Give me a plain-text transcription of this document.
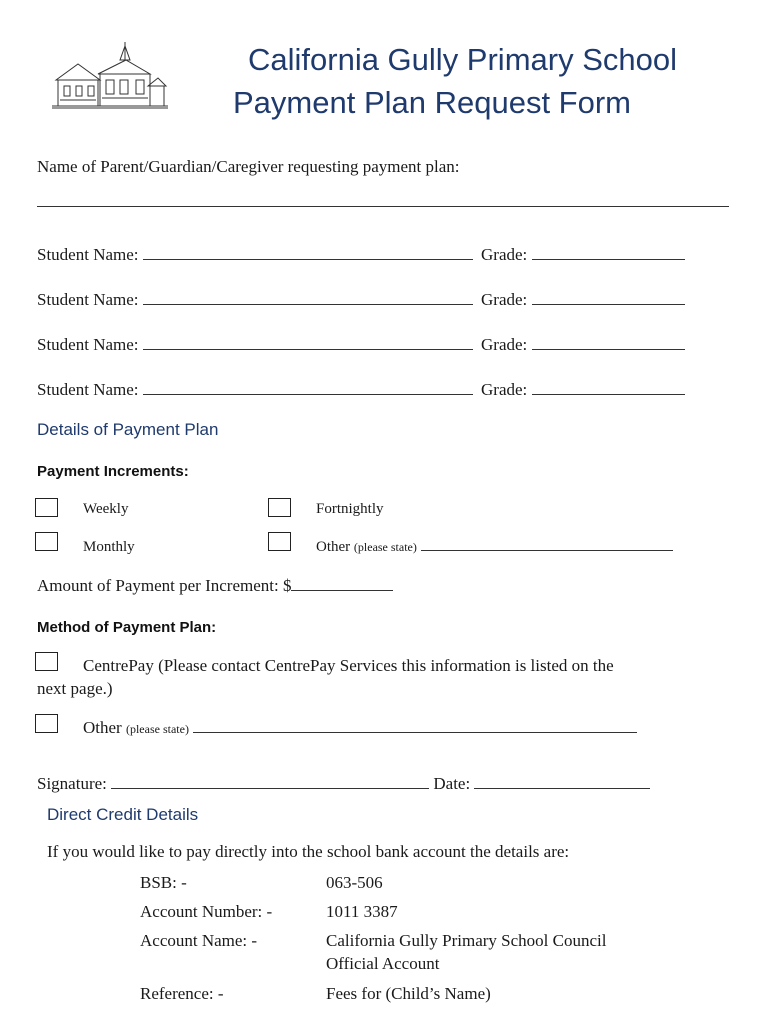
California Gully Primary School
Payment Plan Request Form
Name of Parent/Guardian/Caregiver requesting payment plan:
Student Name:	Grade:
Student Name:	Grade:
Student Name:	Grade:
Student Name:	Grade:
Details of Payment Plan
Payment Increments:
Weekly	Fortnightly
Monthly	Other (please state)
Amount of Payment per Increment: $
Method of Payment Plan:
CentrePay (Please contact CentrePay Services this information is listed on the
next page.)
Other (please state)
Signature:	Date:
Direct Credit Details
If you would like to pay directly into the school bank account the details are:
BSB: -	063-506
Account Number: -	1011 3387
Account Name: -	California Gully Primary School Council
Official Account
Reference: -	Fees for (Child’s Name)
